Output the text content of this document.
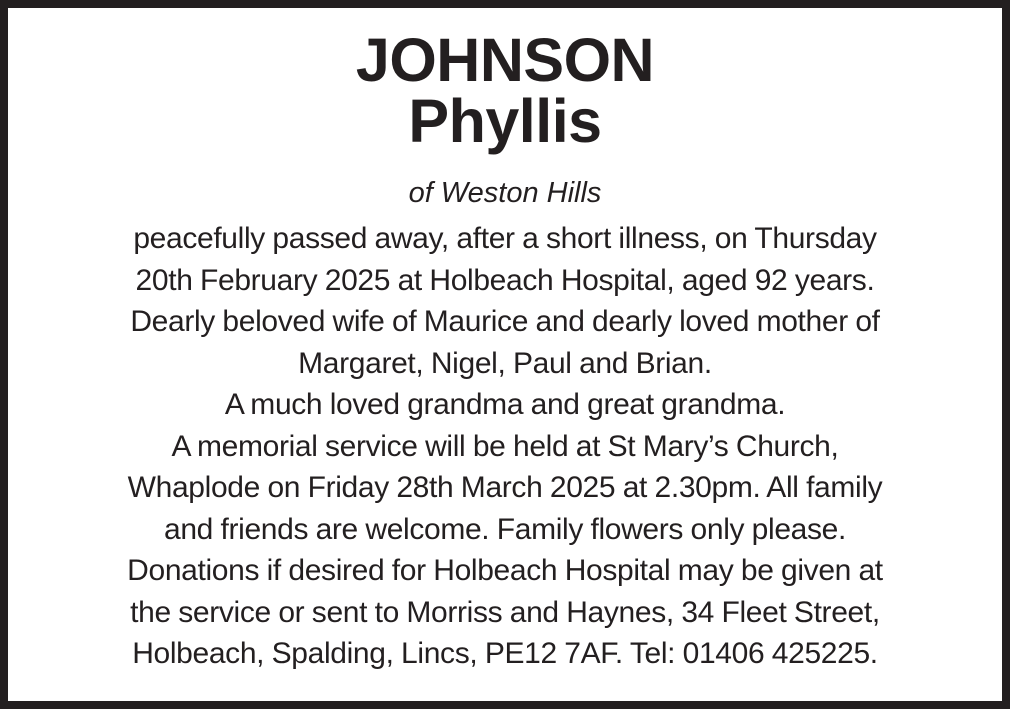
JOHNSON
Phyllis
of Weston Hills
peacefully passed away, after a short illness, on Thursday
20th February 2025 at Holbeach Hospital, aged 92 years.
Dearly beloved wife of Maurice and dearly loved mother of
Margaret, Nigel, Paul and Brian.
A much loved grandma and great grandma.
A memorial service will be held at St Mary’s Church,
Whaplode on Friday 28th March 2025 at 2.30pm. All family
and friends are welcome. Family flowers only please.
Donations if desired for Holbeach Hospital may be given at
the service or sent to Morriss and Haynes, 34 Fleet Street,
Holbeach, Spalding, Lincs, PE12 7AF. Tel: 01406 425225.
